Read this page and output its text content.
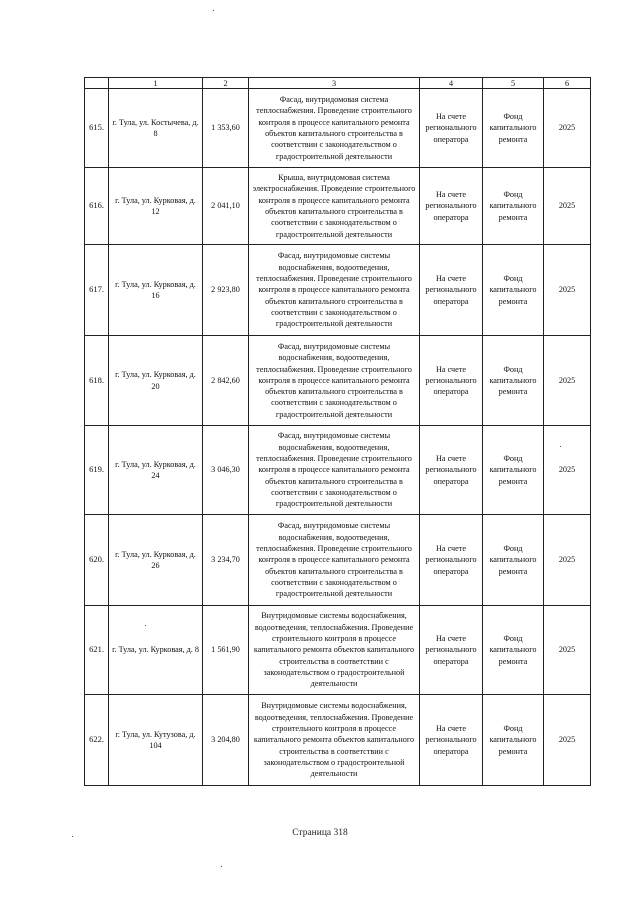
	1	2	3	4	5	6
615.	г. Тула, ул. Костычева, д. 8	1 353,60	Фасад, внутридомовая система теплоснабжения. Проведение строительного контроля в процессе капитального ремонта объектов капитального строительства в соответствии с законодательством о градостроительной деятельности	На счете регионального оператора	Фонд капитального ремонта	2025
616.	г. Тула, ул. Курковая, д. 12	2 041,10	Крыша, внутридомовая система электроснабжения. Проведение строительного контроля в процессе капитального ремонта объектов капитального строительства в соответствии с законодательством о градостроительной деятельности	На счете регионального оператора	Фонд капитального ремонта	2025
617.	г. Тула, ул. Курковая, д. 16	2 923,80	Фасад, внутридомовые системы водоснабжения, водоотведения, теплоснабжения. Проведение строительного контроля в процессе капитального ремонта объектов капитального строительства в соответствии с законодательством о градостроительной деятельности	На счете регионального оператора	Фонд капитального ремонта	2025
618.	г. Тула, ул. Курковая, д. 20	2 842,60	Фасад, внутридомовые системы водоснабжения, водоотведения, теплоснабжения. Проведение строительного контроля в процессе капитального ремонта объектов капитального строительства в соответствии с законодательством о градостроительной деятельности	На счете регионального оператора	Фонд капитального ремонта	2025
619.	г. Тула, ул. Курковая, д. 24	3 046,30	Фасад, внутридомовые системы водоснабжения, водоотведения, теплоснабжения. Проведение строительного контроля в процессе капитального ремонта объектов капитального строительства в соответствии с законодательством о градостроительной деятельности	На счете регионального оператора	Фонд капитального ремонта	2025
620.	г. Тула, ул. Курковая, д. 26	3 234,70	Фасад, внутридомовые системы водоснабжения, водоотведения, теплоснабжения. Проведение строительного контроля в процессе капитального ремонта объектов капитального строительства в соответствии с законодательством о градостроительной деятельности	На счете регионального оператора	Фонд капитального ремонта	2025
621.	г. Тула, ул. Курковая, д. 8	1 561,90	Внутридомовые системы водоснабжения, водоотведения, теплоснабжения. Проведение строительного контроля в процессе капитального ремонта объектов капитального строительства в соответствии с законодательством о градостроительной деятельности	На счете регионального оператора	Фонд капитального ремонта	2025
622.	г. Тула, ул. Кутузова, д. 104	3 204,80	Внутридомовые системы водоснабжения, водоотведения, теплоснабжения. Проведение строительного контроля в процессе капитального ремонта объектов капитального строительства в соответствии с законодательством о градостроительной деятельности	На счете регионального оператора	Фонд капитального ремонта	2025
Страница 318
